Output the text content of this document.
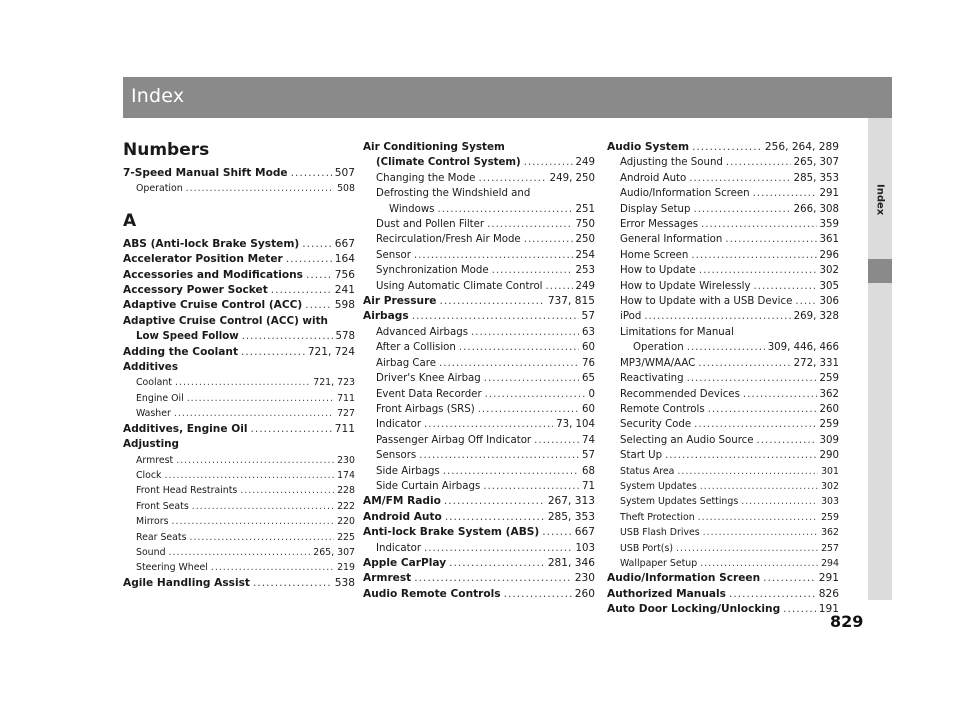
Index
Index
Numbers
7-Speed Manual Shift Mode .....	507
Operation .....	508
A
ABS (Anti-lock Brake System) .....	667
Accelerator Position Meter .....	164
Accessories and Modifications .....	756
Accessory Power Socket .....	241
Adaptive Cruise Control (ACC) .....	598
Adaptive Cruise Control (ACC) with
Low Speed Follow .....	578
Adding the Coolant .....	721, 724
Additives
Coolant .....	721, 723
Engine Oil .....	711
Washer .....	727
Additives, Engine Oil .....	711
Adjusting
Armrest .....	230
Clock .....	174
Front Head Restraints .....	228
Front Seats .....	222
Mirrors .....	220
Rear Seats .....	225
Sound .....	265, 307
Steering Wheel .....	219
Agile Handling Assist .....	538
Air Conditioning System
(Climate Control System) .....	249
Changing the Mode .....	249, 250
Defrosting the Windshield and
Windows .....	251
Dust and Pollen Filter .....	750
Recirculation/Fresh Air Mode .....	250
Sensor .....	254
Synchronization Mode .....	253
Using Automatic Climate Control .....	249
Air Pressure .....	737, 815
Airbags .....	57
Advanced Airbags .....	63
After a Collision .....	60
Airbag Care .....	76
Driver's Knee Airbag .....	65
Event Data Recorder .....	0
Front Airbags (SRS) .....	60
Indicator .....	73, 104
Passenger Airbag Off Indicator .....	74
Sensors .....	57
Side Airbags .....	68
Side Curtain Airbags .....	71
AM/FM Radio .....	267, 313
Android Auto .....	285, 353
Anti-lock Brake System (ABS) .....	667
Indicator .....	103
Apple CarPlay .....	281, 346
Armrest .....	230
Audio Remote Controls .....	260
Audio System .....	256, 264, 289
Adjusting the Sound .....	265, 307
Android Auto .....	285, 353
Audio/Information Screen .....	291
Display Setup .....	266, 308
Error Messages .....	359
General Information .....	361
Home Screen .....	296
How to Update .....	302
How to Update Wirelessly .....	305
How to Update with a USB Device .....	306
iPod .....	269, 328
Limitations for Manual
Operation .....	309, 446, 466
MP3/WMA/AAC .....	272, 331
Reactivating .....	259
Recommended Devices .....	362
Remote Controls .....	260
Security Code .....	259
Selecting an Audio Source .....	309
Start Up .....	290
Status Area .....	301
System Updates .....	302
System Updates Settings .....	303
Theft Protection .....	259
USB Flash Drives .....	362
USB Port(s) .....	257
Wallpaper Setup .....	294
Audio/Information Screen .....	291
Authorized Manuals .....	826
Auto Door Locking/Unlocking .....	191
829
